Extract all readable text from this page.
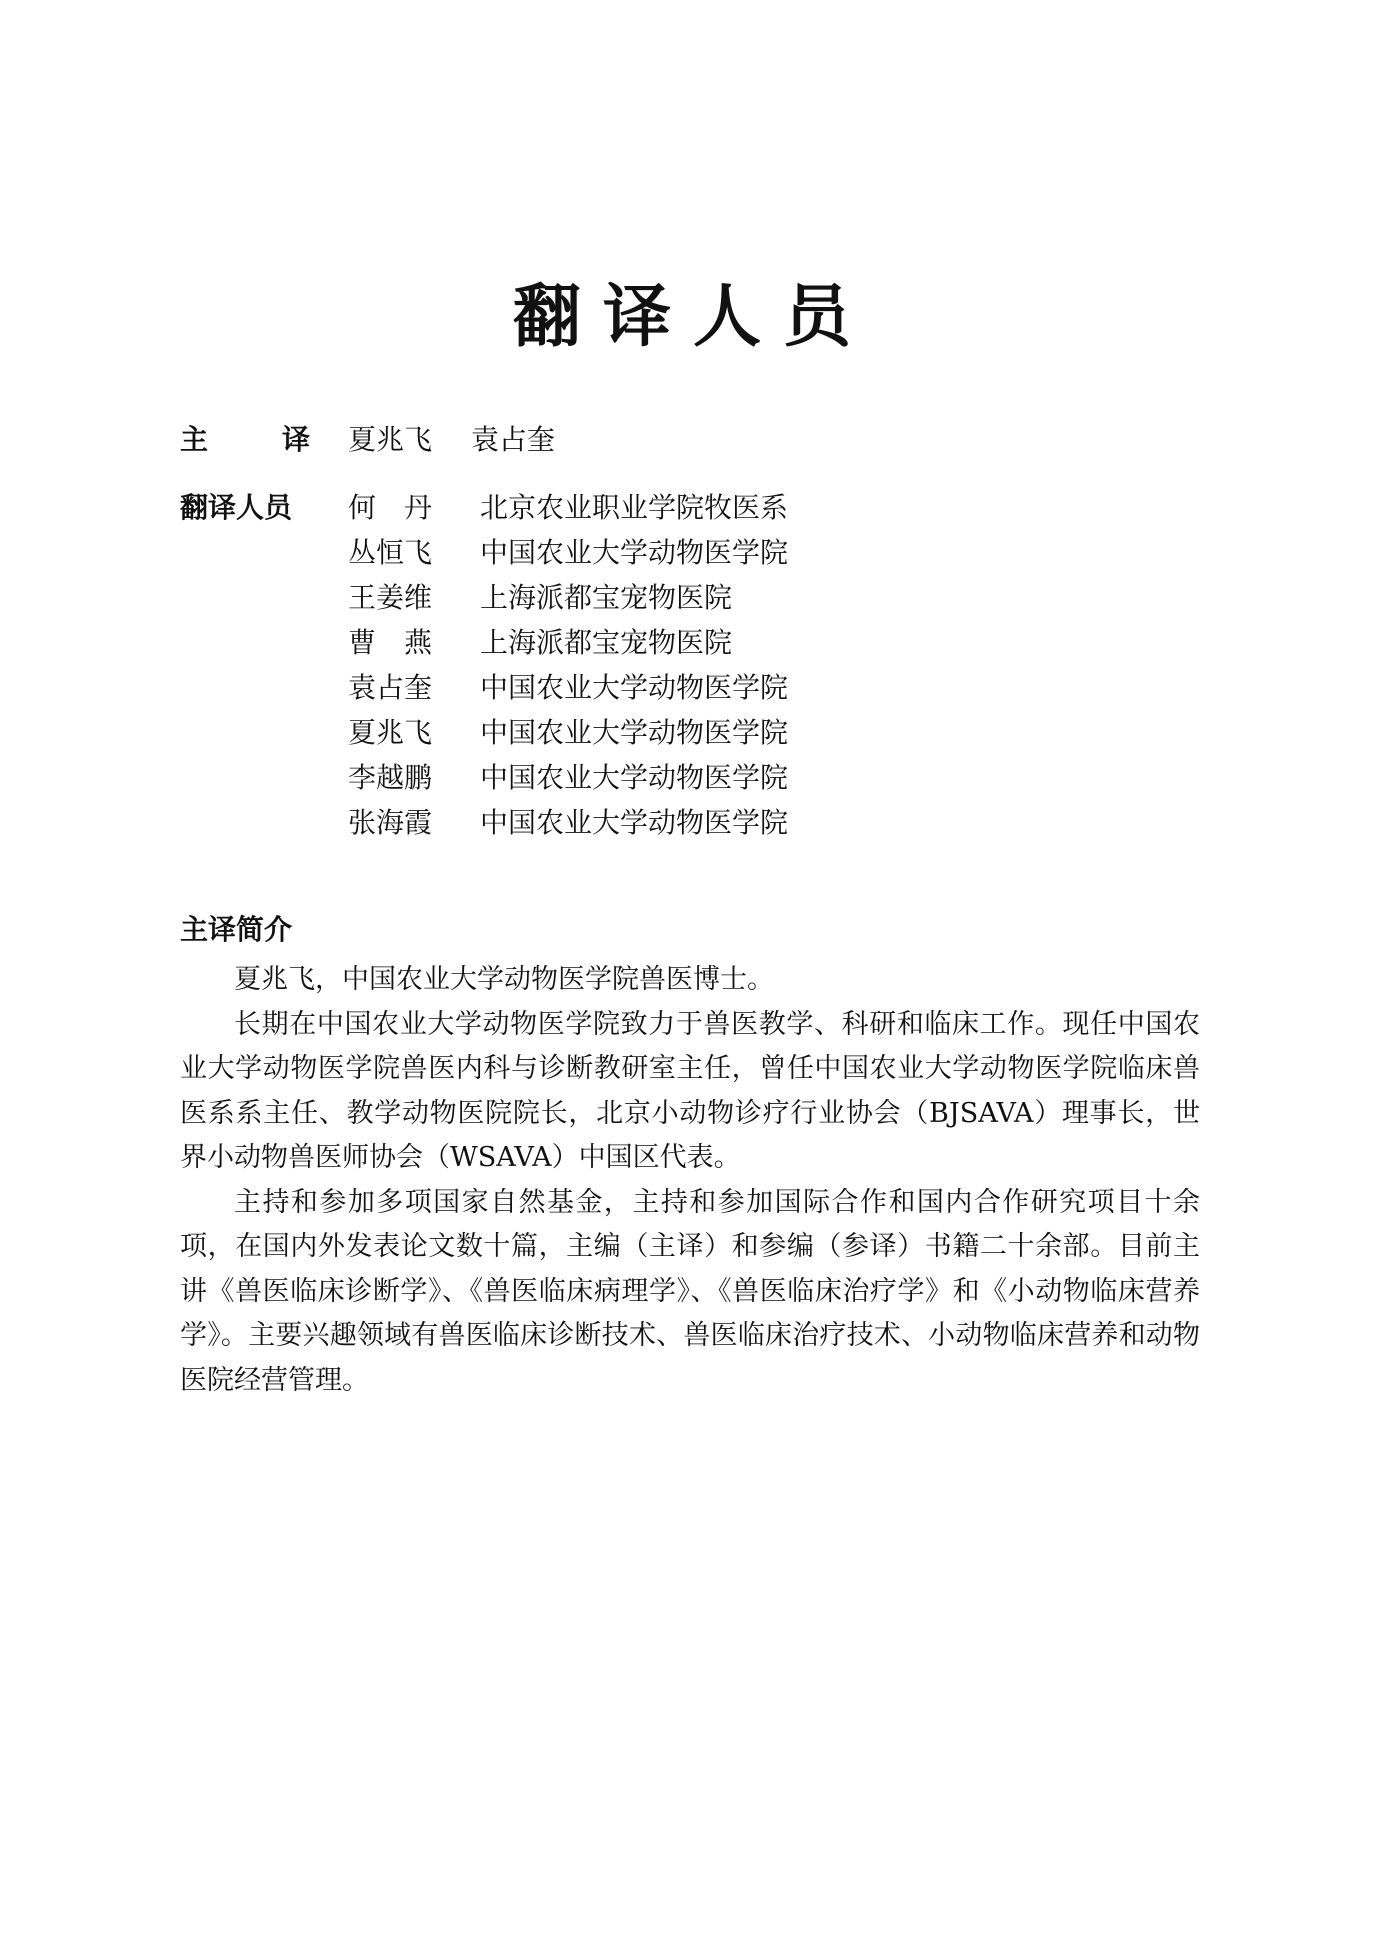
翻译人员
主	译 夏兆飞 袁占奎
翻译人员	何　丹 北京农业职业学院牧医系
丛恒飞 中国农业大学动物医学院
王姜维 上海派都宝宠物医院
曹　燕 上海派都宝宠物医院
袁占奎 中国农业大学动物医学院
夏兆飞 中国农业大学动物医学院
李越鹏 中国农业大学动物医学院
张海霞 中国农业大学动物医学院
主译简介

夏兆飞，中国农业大学动物医学院兽医博士。

长期在中国农业大学动物医学院致力于兽医教学、科研和临床工作。现任中国农业大学动物医学院兽医内科与诊断教研室主任，曾任中国农业大学动物医学院临床兽医系系主任、教学动物医院院长，北京小动物诊疗行业协会（BJSAVA）理事长，世界小动物兽医师协会（WSAVA）中国区代表。

主持和参加多项国家自然基金，主持和参加国际合作和国内合作研究项目十余项，在国内外发表论文数十篇，主编（主译）和参编（参译）书籍二十余部。目前主讲《兽医临床诊断学》、《兽医临床病理学》、《兽医临床治疗学》和《小动物临床营养学》。主要兴趣领域有兽医临床诊断技术、兽医临床治疗技术、小动物临床营养和动物医院经营管理。
